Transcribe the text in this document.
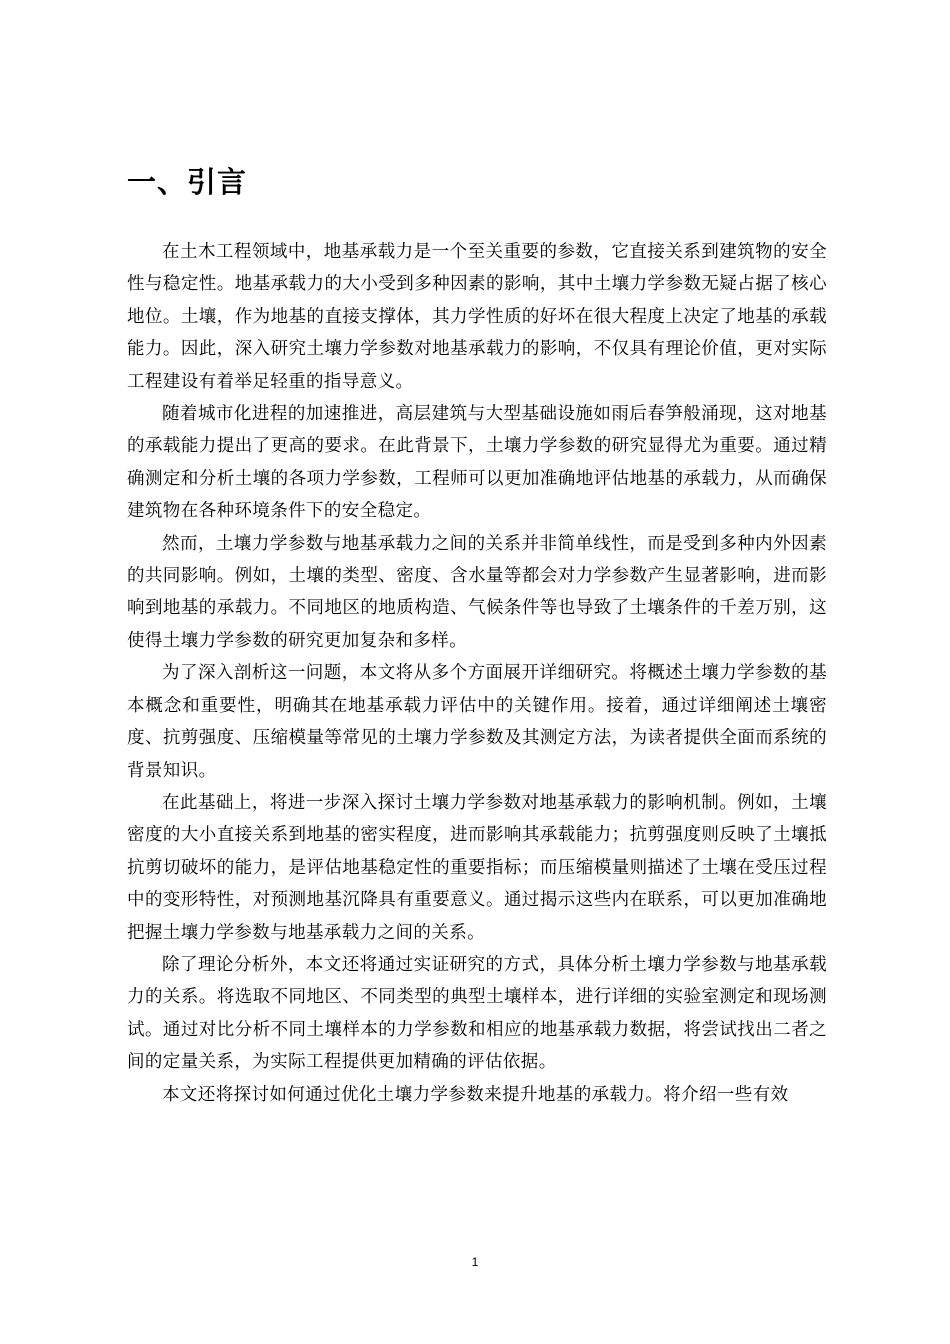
一、引言

在土木工程领域中，地基承载力是一个至关重要的参数，它直接关系到建筑物的安全性与稳定性。地基承载力的大小受到多种因素的影响，其中土壤力学参数无疑占据了核心地位。土壤，作为地基的直接支撑体，其力学性质的好坏在很大程度上决定了地基的承载能力。因此，深入研究土壤力学参数对地基承载力的影响，不仅具有理论价值，更对实际工程建设有着举足轻重的指导意义。

随着城市化进程的加速推进，高层建筑与大型基础设施如雨后春笋般涌现，这对地基的承载能力提出了更高的要求。在此背景下，土壤力学参数的研究显得尤为重要。通过精确测定和分析土壤的各项力学参数，工程师可以更加准确地评估地基的承载力，从而确保建筑物在各种环境条件下的安全稳定。

然而，土壤力学参数与地基承载力之间的关系并非简单线性，而是受到多种内外因素的共同影响。例如，土壤的类型、密度、含水量等都会对力学参数产生显著影响，进而影响到地基的承载力。不同地区的地质构造、气候条件等也导致了土壤条件的千差万别，这使得土壤力学参数的研究更加复杂和多样。

为了深入剖析这一问题，本文将从多个方面展开详细研究。将概述土壤力学参数的基本概念和重要性，明确其在地基承载力评估中的关键作用。接着，通过详细阐述土壤密度、抗剪强度、压缩模量等常见的土壤力学参数及其测定方法，为读者提供全面而系统的背景知识。

在此基础上，将进一步深入探讨土壤力学参数对地基承载力的影响机制。例如，土壤密度的大小直接关系到地基的密实程度，进而影响其承载能力；抗剪强度则反映了土壤抵抗剪切破坏的能力，是评估地基稳定性的重要指标；而压缩模量则描述了土壤在受压过程中的变形特性，对预测地基沉降具有重要意义。通过揭示这些内在联系，可以更加准确地把握土壤力学参数与地基承载力之间的关系。

除了理论分析外，本文还将通过实证研究的方式，具体分析土壤力学参数与地基承载力的关系。将选取不同地区、不同类型的典型土壤样本，进行详细的实验室测定和现场测试。通过对比分析不同土壤样本的力学参数和相应的地基承载力数据，将尝试找出二者之间的定量关系，为实际工程提供更加精确的评估依据。

本文还将探讨如何通过优化土壤力学参数来提升地基的承载力。将介绍一些有效

1
